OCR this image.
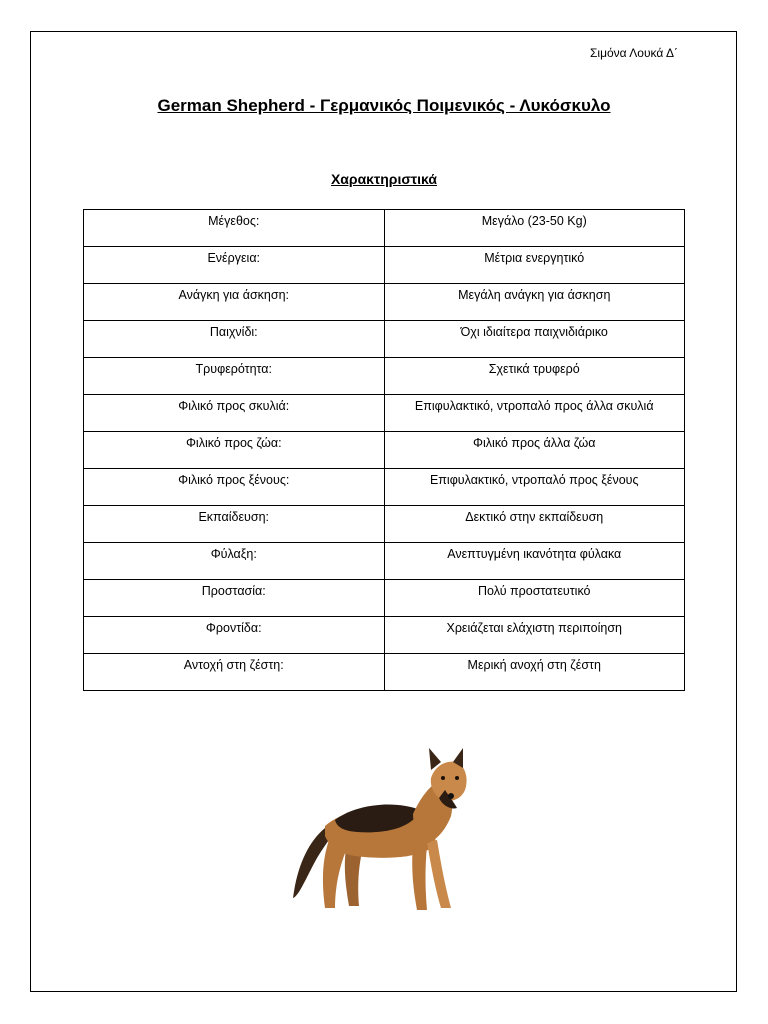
Σιμόνα Λουκά Δ΄
German Shepherd - Γερμανικός Ποιμενικός - Λυκόσκυλο
Χαρακτηριστικά
Μέγεθος:	Μεγάλο (23-50 Kg)

Ενέργεια:	Μέτρια ενεργητικό

Ανάγκη για άσκηση:	Μεγάλη ανάγκη για άσκηση

Παιχνίδι:	Όχι ιδιαίτερα παιχνιδιάρικο

Τρυφερότητα:	Σχετικά τρυφερό

Φιλικό προς σκυλιά:	Επιφυλακτικό, ντροπαλό προς άλλα σκυλιά

Φιλικό προς ζώα:	Φιλικό προς άλλα ζώα

Φιλικό προς ξένους:	Επιφυλακτικό, ντροπαλό προς ξένους

Εκπαίδευση:	Δεκτικό στην εκπαίδευση

Φύλαξη:	Ανεπτυγμένη ικανότητα φύλακα

Προστασία:	Πολύ προστατευτικό

Φροντίδα:	Χρειάζεται ελάχιστη περιποίηση

Αντοχή στη ζέστη:	Μερική ανοχή στη ζέστη
